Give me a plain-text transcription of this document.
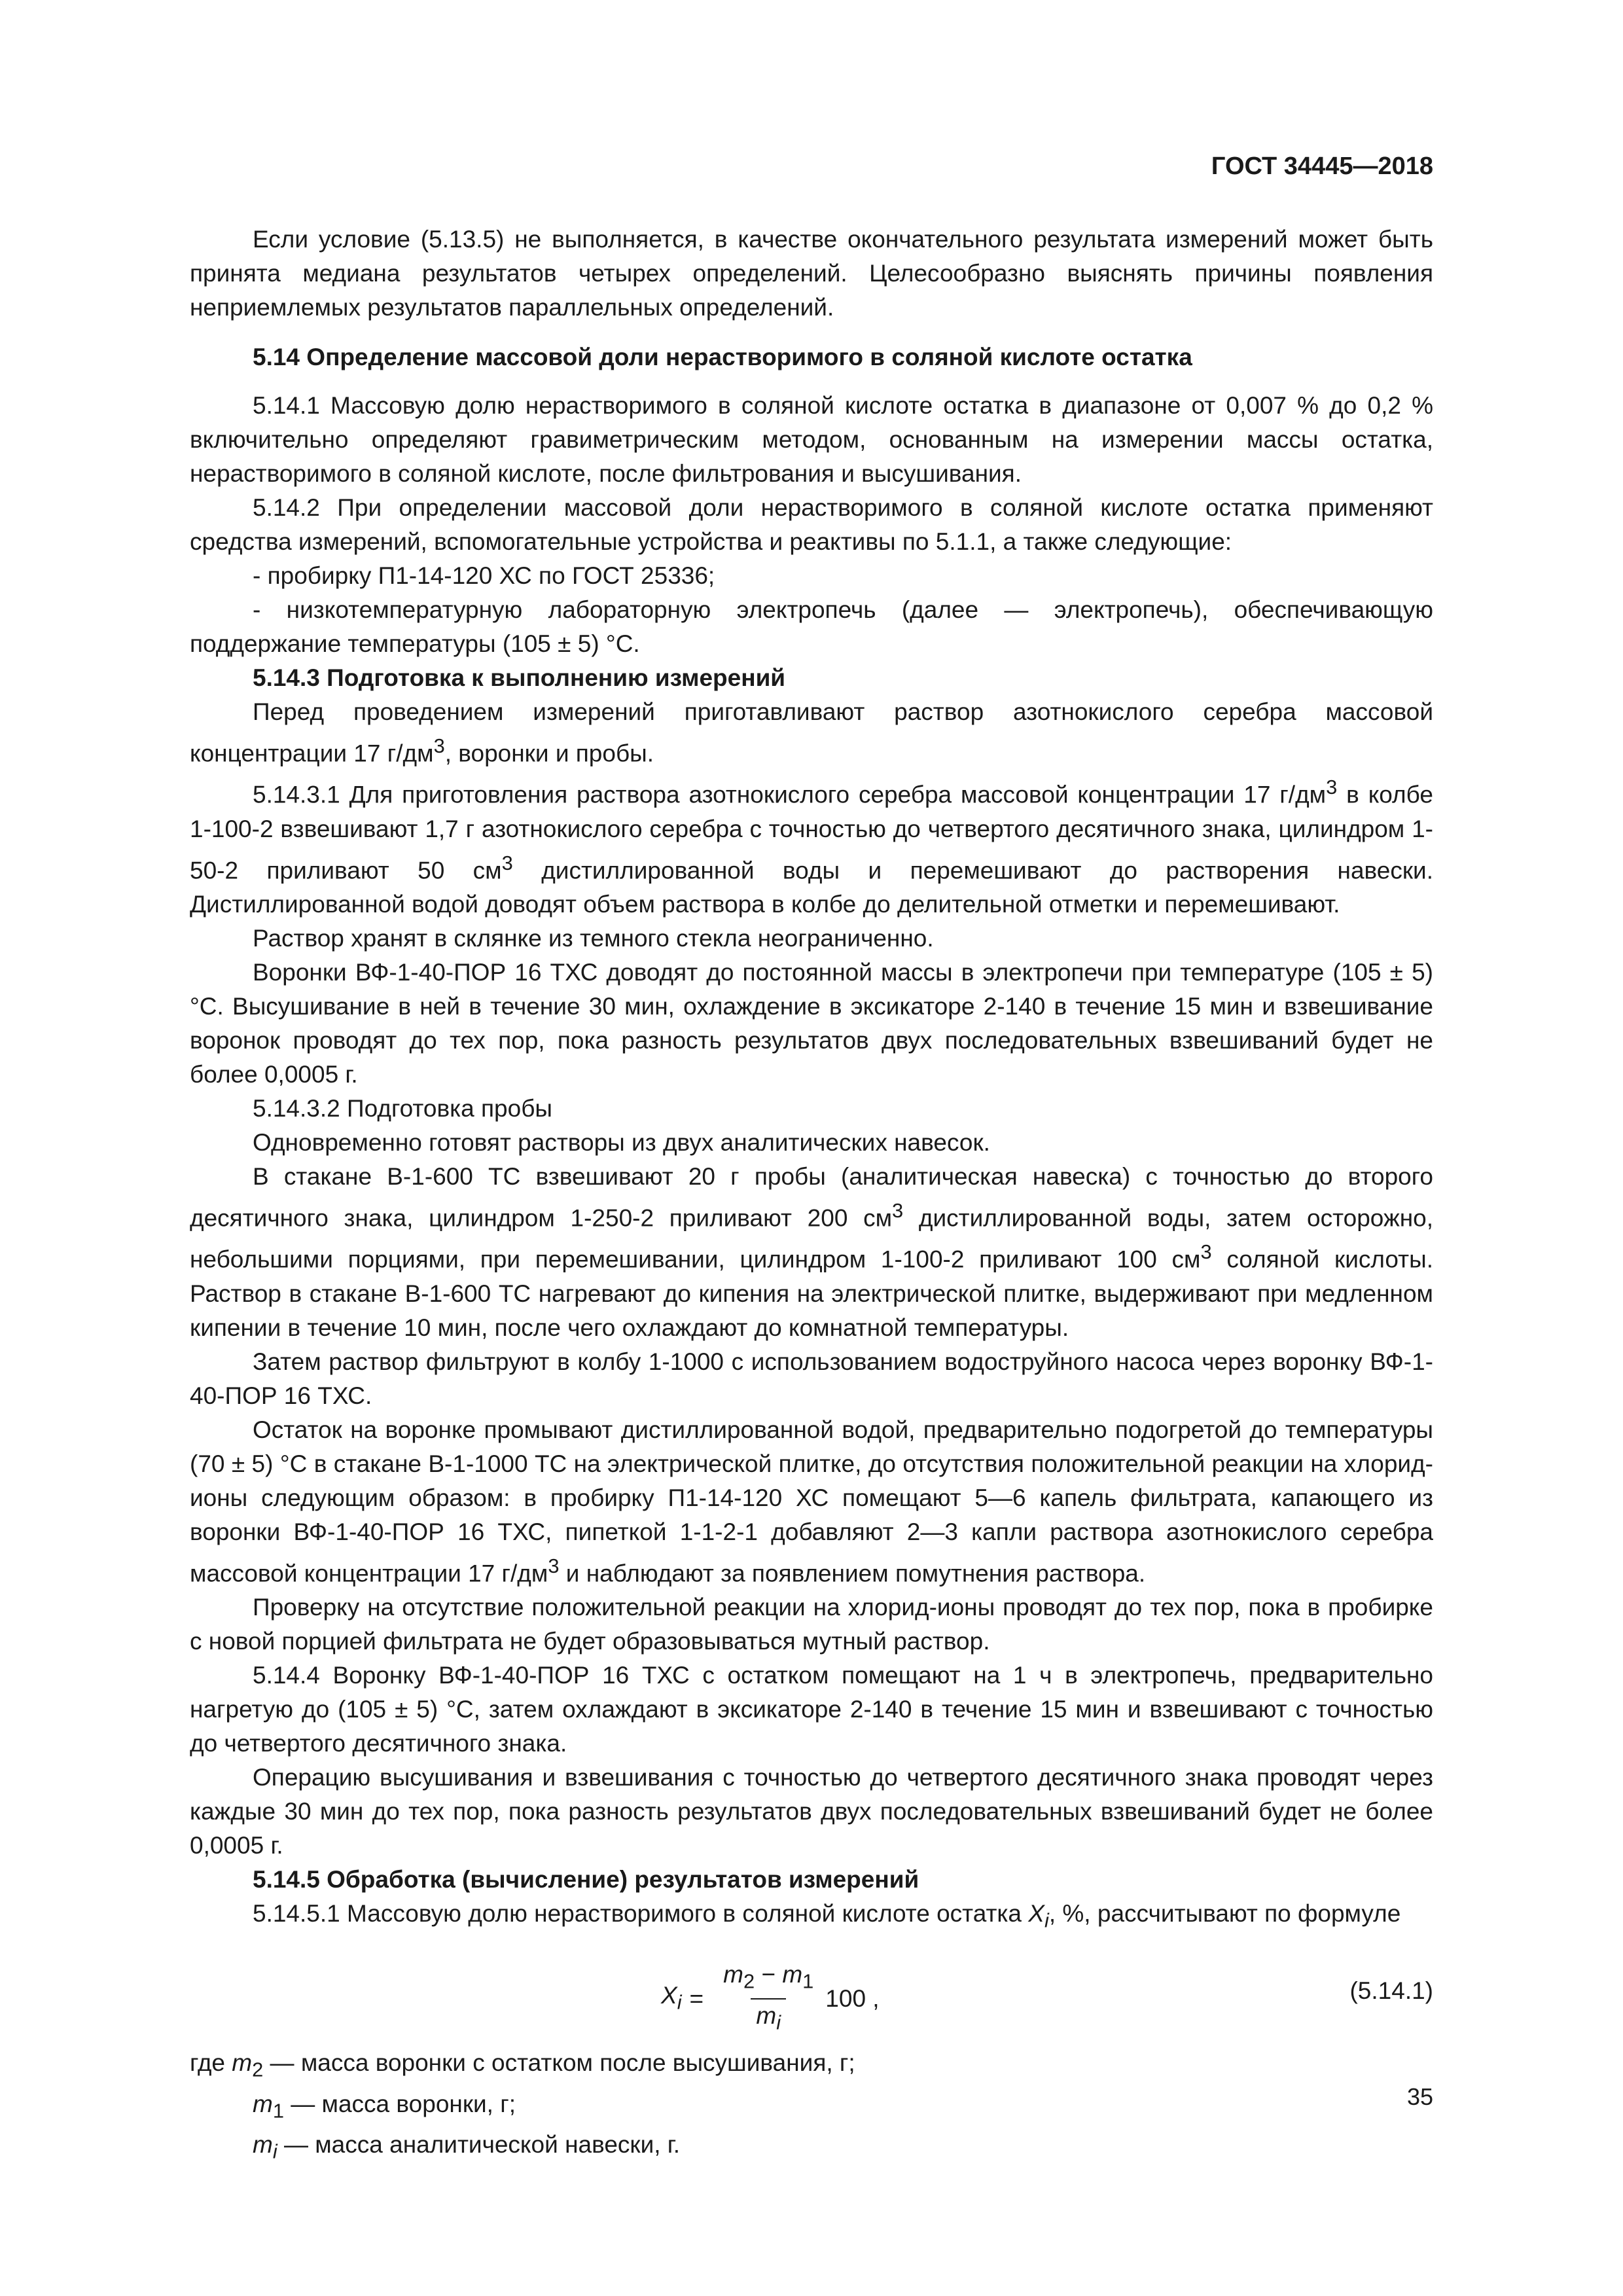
ГОСТ 34445—2018

Если условие (5.13.5) не выполняется, в качестве окончательного результата измерений может быть принята медиана результатов четырех определений. Целесообразно выяснять причины появления неприемлемых результатов параллельных определений.

5.14 Определение массовой доли нерастворимого в соляной кислоте остатка

5.14.1 Массовую долю нерастворимого в соляной кислоте остатка в диапазоне от 0,007 % до 0,2 % включительно определяют гравиметрическим методом, основанным на измерении массы остатка, нерастворимого в соляной кислоте, после фильтрования и высушивания.

5.14.2 При определении массовой доли нерастворимого в соляной кислоте остатка применяют средства измерений, вспомогательные устройства и реактивы по 5.1.1, а также следующие:

- пробирку П1-14-120 ХС по ГОСТ 25336;

- низкотемпературную лабораторную электропечь (далее — электропечь), обеспечивающую поддержание температуры (105 ± 5) °С.

5.14.3 Подготовка к выполнению измерений

Перед проведением измерений приготавливают раствор азотнокислого серебра массовой концентрации 17 $г/дм^3$, воронки и пробы.

5.14.3.1 Для приготовления раствора азотнокислого серебра массовой концентрации 17 $г/дм^3$ в колбе 1-100-2 взвешивают 1,7 г азотнокислого серебра с точностью до четвертого десятичного знака, цилиндром 1-50-2 приливают 50 $см^3$ дистиллированной воды и перемешивают до растворения навески. Дистиллированной водой доводят объем раствора в колбе до делительной отметки и перемешивают.

Раствор хранят в склянке из темного стекла неограниченно.

Воронки ВФ-1-40-ПОР 16 ТХС доводят до постоянной массы в электропечи при температуре (105 ± 5) °С. Высушивание в ней в течение 30 мин, охлаждение в эксикаторе 2-140 в течение 15 мин и взвешивание воронок проводят до тех пор, пока разность результатов двух последовательных взвешиваний будет не более 0,0005 г.

5.14.3.2 Подготовка пробы

Одновременно готовят растворы из двух аналитических навесок.

В стакане В-1-600 ТС взвешивают 20 г пробы (аналитическая навеска) с точностью до второго десятичного знака, цилиндром 1-250-2 приливают 200 $см^3$ дистиллированной воды, затем осторожно, небольшими порциями, при перемешивании, цилиндром 1-100-2 приливают 100 $см^3$ соляной кислоты. Раствор в стакане В-1-600 ТС нагревают до кипения на электрической плитке, выдерживают при медленном кипении в течение 10 мин, после чего охлаждают до комнатной температуры.

Затем раствор фильтруют в колбу 1-1000 с использованием водоструйного насоса через воронку ВФ-1-40-ПОР 16 ТХС.

Остаток на воронке промывают дистиллированной водой, предварительно подогретой до температуры (70 ± 5) °С в стакане В-1-1000 ТС на электрической плитке, до отсутствия положительной реакции на хлорид-ионы следующим образом: в пробирку П1-14-120 ХС помещают 5—6 капель фильтрата, капающего из воронки ВФ-1-40-ПОР 16 ТХС, пипеткой 1-1-2-1 добавляют 2—3 капли раствора азотнокислого серебра массовой концентрации 17 $г/дм^3$ и наблюдают за появлением помутнения раствора.

Проверку на отсутствие положительной реакции на хлорид-ионы проводят до тех пор, пока в пробирке с новой порцией фильтрата не будет образовываться мутный раствор.

5.14.4 Воронку ВФ-1-40-ПОР 16 ТХС с остатком помещают на 1 ч в электропечь, предварительно нагретую до (105 ± 5) °С, затем охлаждают в эксикаторе 2-140 в течение 15 мин и взвешивают с точностью до четвертого десятичного знака.

Операцию высушивания и взвешивания с точностью до четвертого десятичного знака проводят через каждые 30 мин до тех пор, пока разность результатов двух последовательных взвешиваний будет не более 0,0005 г.

5.14.5 Обработка (вычисление) результатов измерений

5.14.5.1 Массовую долю нерастворимого в соляной кислоте остатка $X_i$, %, рассчитывают по формуле

$X_i = \frac{m_2 - m_1}{m_i} 100$ ,	(5.14.1)
где $m_2$ — масса воронки с остатком после высушивания, г;
$m_1$ — масса воронки, г;
$m_i$ — масса аналитической навески, г.
35
